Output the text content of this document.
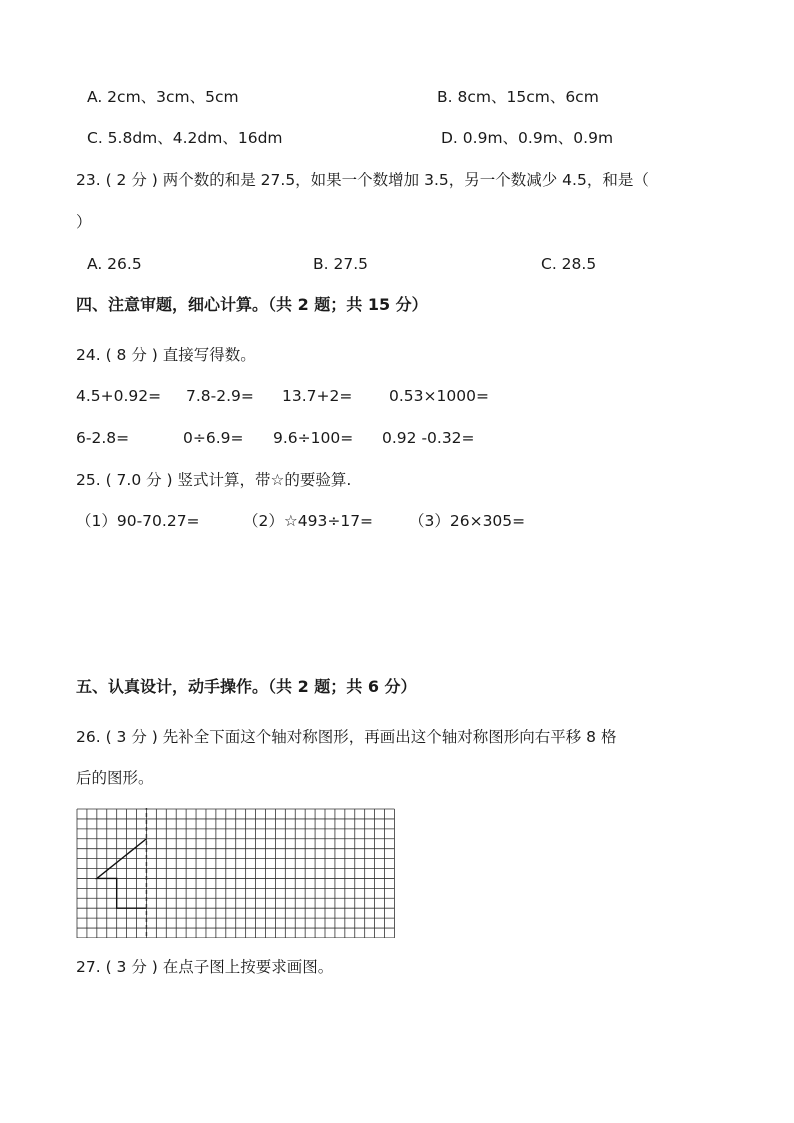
A. 2cm、3cm、5cm	B. 8cm、15cm、6cm
C. 5.8dm、4.2dm、16dm	D. 0.9m、0.9m、0.9m
23. ( 2 分 ) 两个数的和是 27.5，如果一个数增加 3.5，另一个数减少 4.5，和是（
）
A. 26.5	B. 27.5	C. 28.5
四、注意审题，细心计算。（共 2 题；共 15 分）
24. ( 8 分 ) 直接写得数。
4.5+0.92= 7.8-2.9= 13.7+2= 0.53×1000=
6-2.8=	0÷6.9= 9.6÷100= 0.92 -0.32=
25. ( 7.0 分 ) 竖式计算，带☆的要验算.
（1）90-70.27=	（2）☆493÷17= （3）26×305=
五、认真设计，动手操作。（共 2 题；共 6 分）
26. ( 3 分 ) 先补全下面这个轴对称图形，再画出这个轴对称图形向右平移 8 格
后的图形。
27. ( 3 分 ) 在点子图上按要求画图。
